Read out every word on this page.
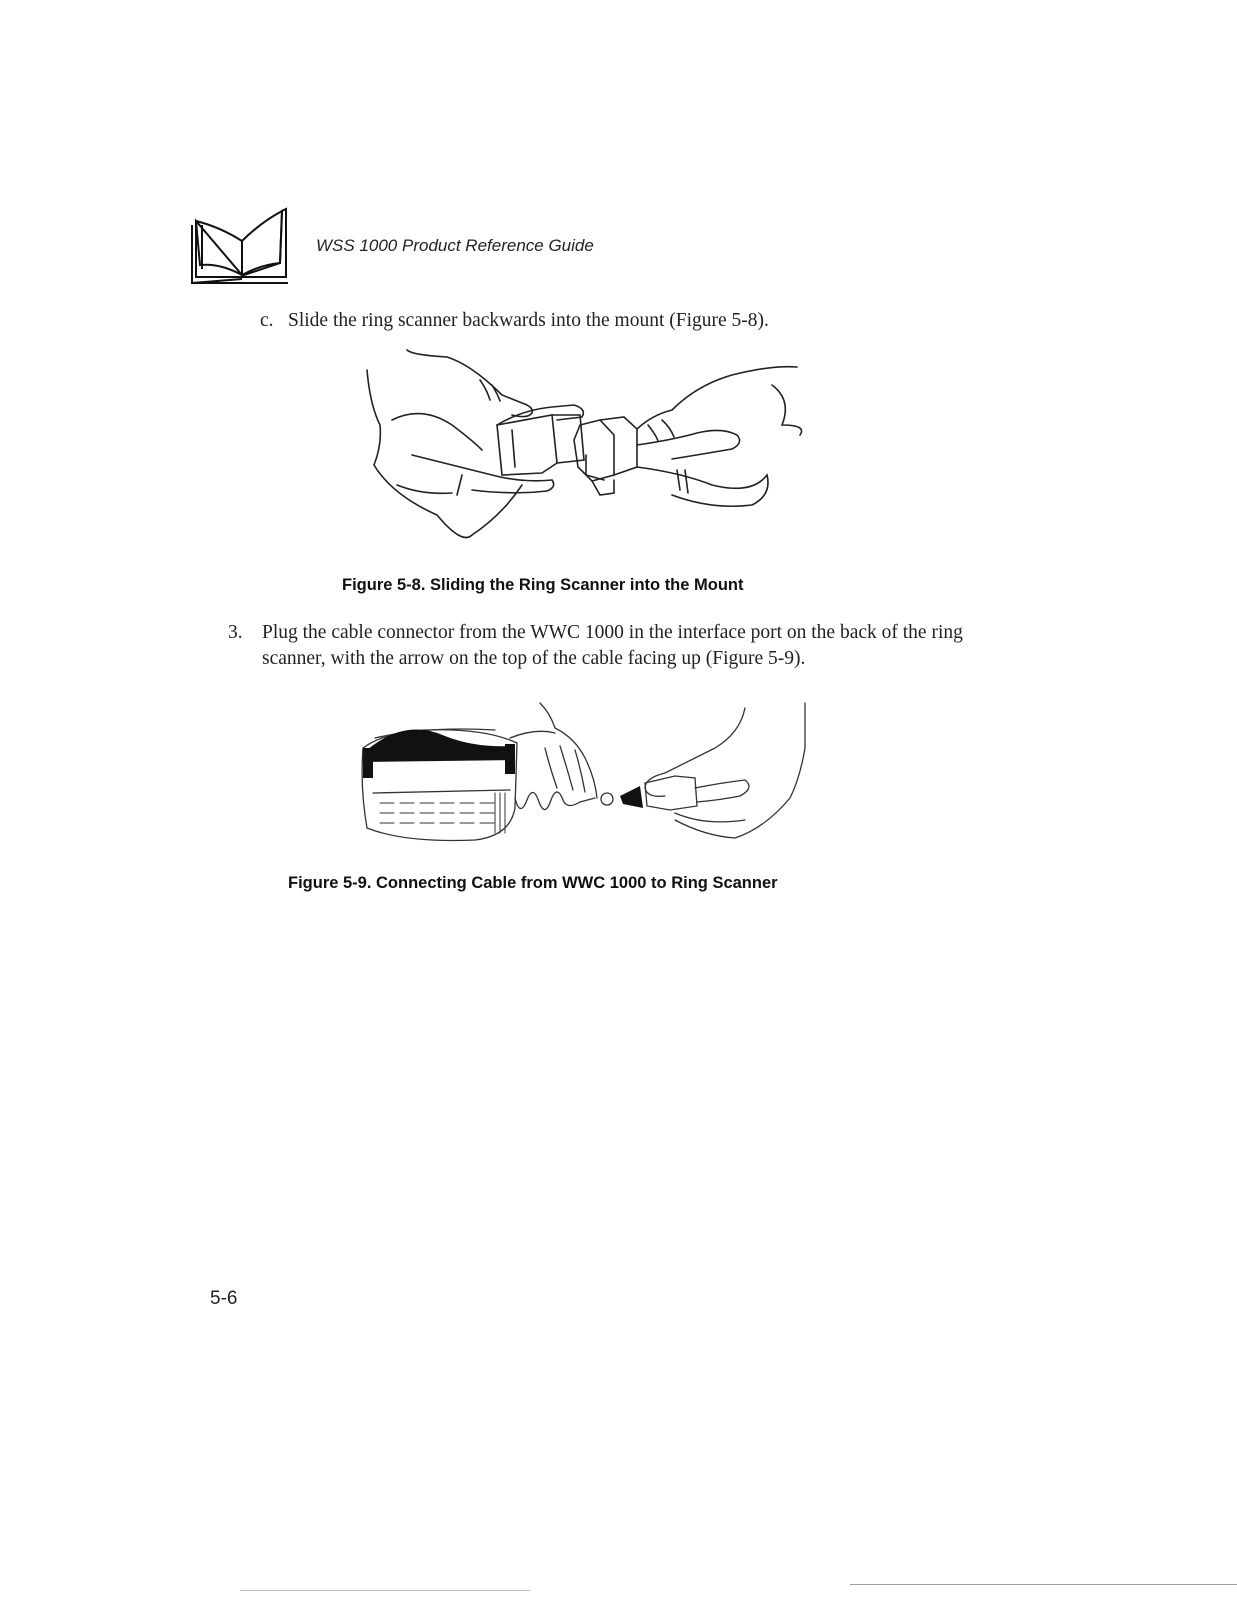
WSS 1000 Product Reference Guide
c. Slide the ring scanner backwards into the mount (Figure 5-8).
Figure 5-8. Sliding the Ring Scanner into the Mount
3. Plug the cable connector from the WWC 1000 in the interface port on the back of the ring scanner, with the arrow on the top of the cable facing up (Figure 5-9).
Figure 5-9. Connecting Cable from WWC 1000 to Ring Scanner
5-6
